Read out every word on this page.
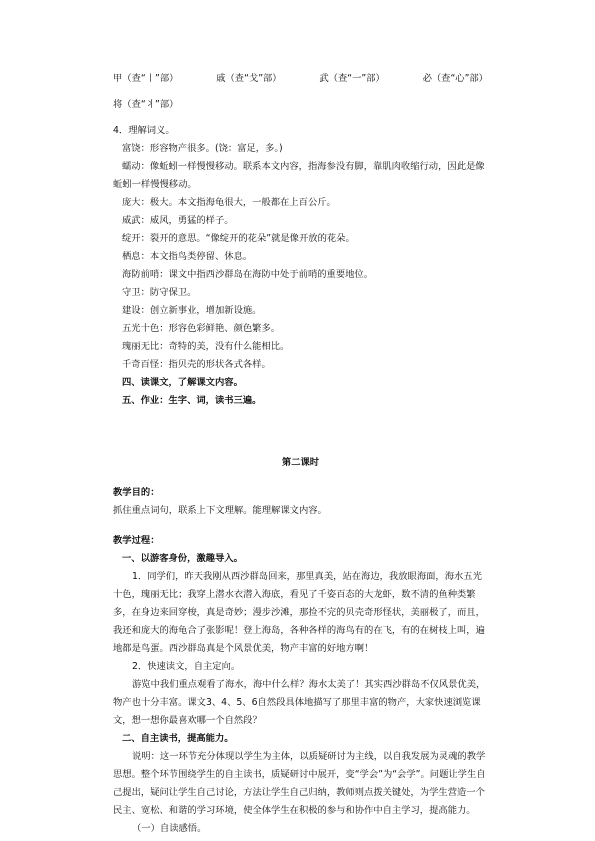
甲（查“丨”部）	戚（查“戈”部）	武（查“一”部）	必（查“心”部）
将（查“丬”部）
4．理解词义。
富饶：形容物产很多。(饶：富足，多。)
蠕动：像蚯蚓一样慢慢移动。联系本文内容，指海参没有脚，靠肌肉收缩行动，因此是像蚯蚓一样慢慢移动。
庞大：极大。本文指海龟很大，一般都在上百公斤。
威武：威风，勇猛的样子。
绽开：裂开的意思。“像绽开的花朵”就是像开放的花朵。
栖息：本文指鸟类停留、休息。
海防前哨：课文中指西沙群岛在海防中处于前哨的重要地位。
守卫：防守保卫。
建设：创立新事业，增加新设施。
五光十色：形容色彩鲜艳、颜色繁多。
瑰丽无比：奇特的美，没有什么能相比。
千奇百怪：指贝壳的形状各式各样。
四、读课文，了解课文内容。
五、作业：生字、词，读书三遍。
第二课时
教学目的：
抓住重点词句，联系上下文理解。能理解课文内容。
教学过程：
一、以游客身份，激趣导入。
1．同学们，昨天我刚从西沙群岛回来，那里真美，站在海边，我放眼海面，海水五光十色，瑰丽无比；我穿上潜水衣潜入海底，看见了千姿百态的大龙虾，数不清的鱼种类繁多，在身边来回穿梭，真是奇妙；漫步沙滩，那捡不完的贝壳奇形怪状，美丽极了，而且，我还和庞大的海龟合了张影呢！登上海岛，各种各样的海鸟有的在飞，有的在树枝上叫，遍地都是鸟蛋。西沙群岛真是个风景优美，物产丰富的好地方啊！
2．快速读文，自主定向。
游览中我们重点观看了海水，海中什么样？海水太美了！其实西沙群岛不仅风景优美，物产也十分丰富。课文3、4、5、6自然段具体地描写了那里丰富的物产，大家快速浏览课文，想一想你最喜欢哪一个自然段？
二、自主读书，提高能力。
说明：这一环节充分体现以学生为主体，以质疑研讨为主线，以自我发展为灵魂的教学思想。整个环节围绕学生的自主读书，质疑研讨中展开，变“学会”为“会学”。问题让学生自己提出，疑问让学生自己讨论，方法让学生自己归纳，教师则点拨关键处，为学生营造一个民主、宽松、和谐的学习环境，使全体学生在积极的参与和协作中自主学习，提高能力。
（一）自读感悟。
